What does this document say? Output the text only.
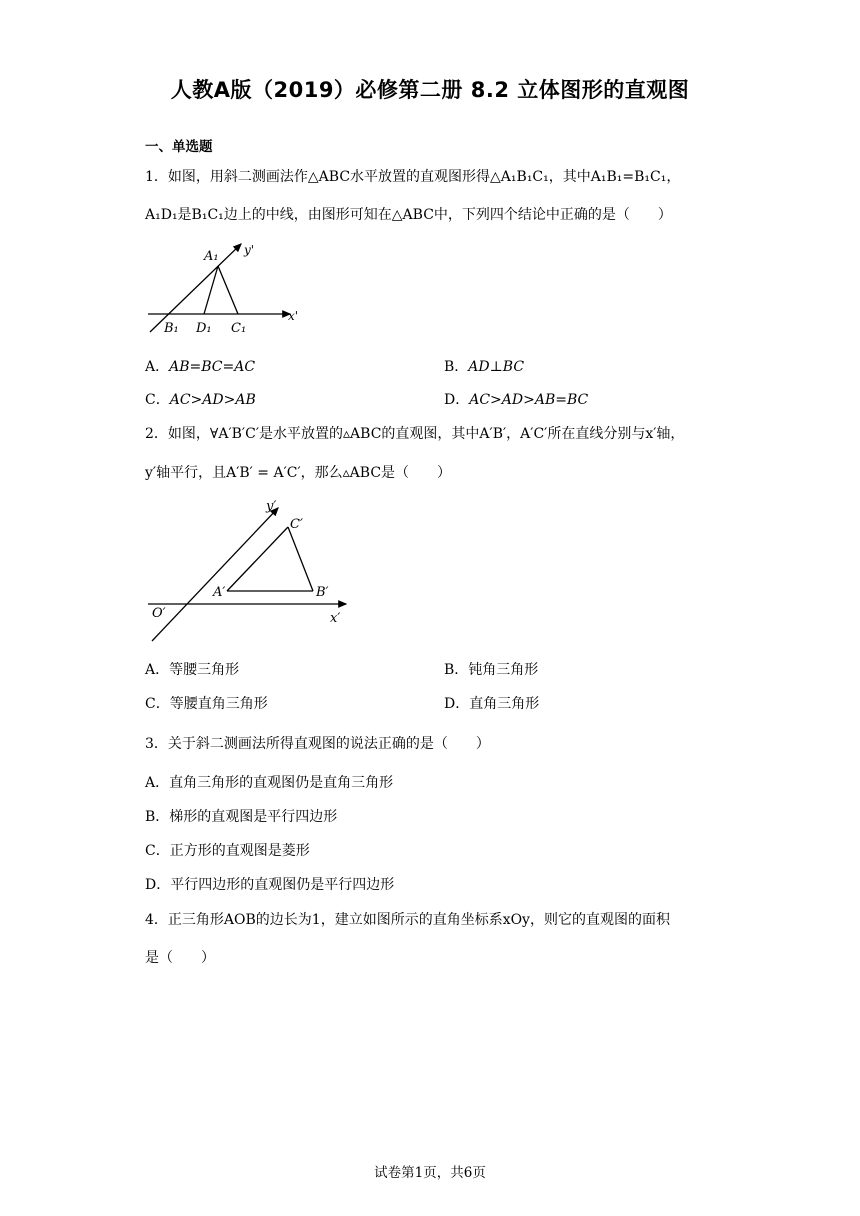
人教A版（2019）必修第二册 8.2 立体图形的直观图
一、单选题
1．如图，用斜二测画法作△ABC水平放置的直观图形得△A₁B₁C₁，其中A₁B₁=B₁C₁，
A₁D₁是B₁C₁边上的中线，由图形可知在△ABC中，下列四个结论中正确的是（　　）
A₁ y'
B₁ D₁ C₁
x'
A．AB=BC=AC	B．AD⊥BC
C．AC>AD>AB	D．AC>AD>AB=BC
2．如图，∀A′B′C′是水平放置的▵ABC的直观图，其中A′B′，A′C′所在直线分别与x′轴，
y′轴平行，且A′B′ = A′C′，那么▵ABC是（　　）
y′
C′
A′	B′
O′	x′
A．等腰三角形	B．钝角三角形
C．等腰直角三角形	D．直角三角形
3．关于斜二测画法所得直观图的说法正确的是（　　）
A．直角三角形的直观图仍是直角三角形
B．梯形的直观图是平行四边形
C．正方形的直观图是菱形
D．平行四边形的直观图仍是平行四边形
4．正三角形AOB的边长为1，建立如图所示的直角坐标系xOy，则它的直观图的面积
是（　　）
试卷第1页，共6页
